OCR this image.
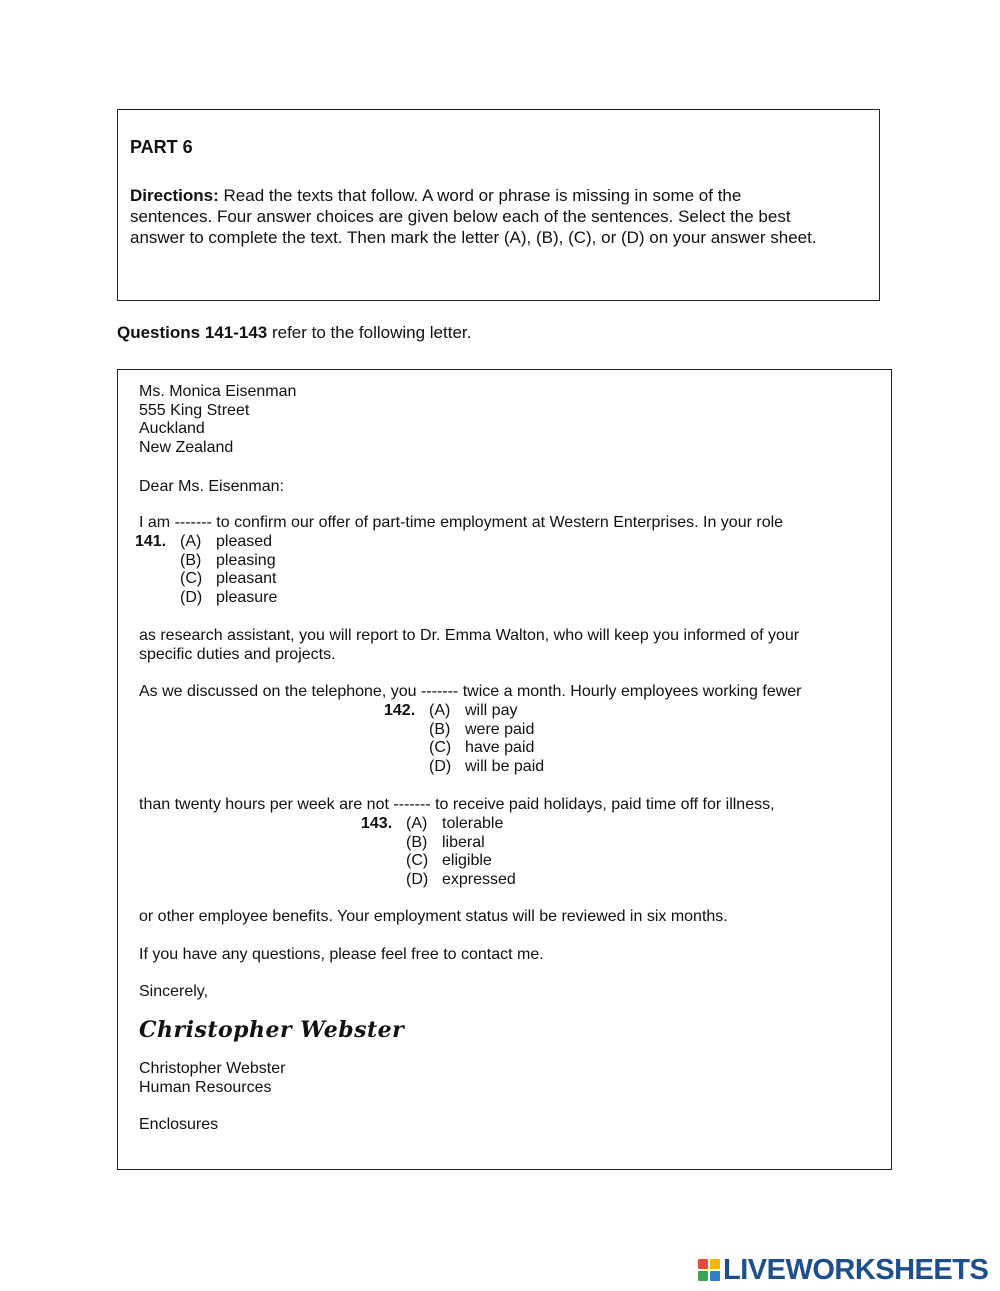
PART 6
Directions: Read the texts that follow. A word or phrase is missing in some of the
sentences. Four answer choices are given below each of the sentences. Select the best
answer to complete the text. Then mark the letter (A), (B), (C), or (D) on your answer sheet.
Questions 141-143 refer to the following letter.
Ms. Monica Eisenman
555 King Street
Auckland
New Zealand
Dear Ms. Eisenman:
I am ------- to confirm our offer of part-time employment at Western Enterprises. In your role
141. (A) pleased
(B) pleasing
(C) pleasant
(D) pleasure
as research assistant, you will report to Dr. Emma Walton, who will keep you informed of your
specific duties and projects.
As we discussed on the telephone, you ------- twice a month. Hourly employees working fewer
142. (A) will pay
(B) were paid
(C) have paid
(D) will be paid
than twenty hours per week are not ------- to receive paid holidays, paid time off for illness,
143. (A) tolerable
(B) liberal
(C) eligible
(D) expressed
or other employee benefits. Your employment status will be reviewed in six months.
If you have any questions, please feel free to contact me.
Sincerely,
Christopher Webster
Christopher Webster
Human Resources
Enclosures
LIVEWORKSHEETS
